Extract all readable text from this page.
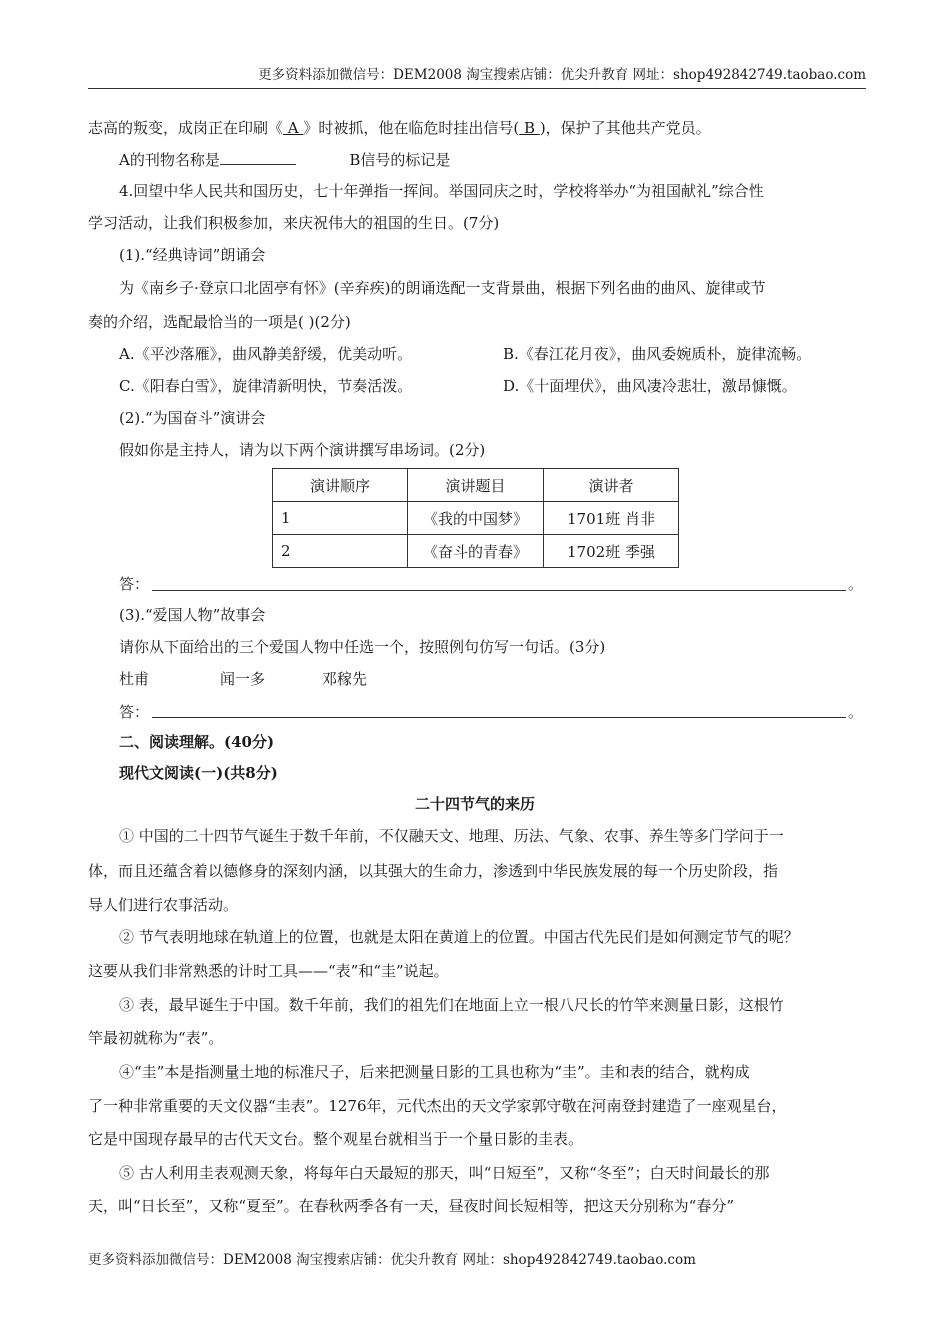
更多资料添加微信号：DEM2008 淘宝搜索店铺：优尖升教育 网址：shop492842749.taobao.com
志高的叛变，成岗正在印刷《 A 》时被抓，他在临危时挂出信号( B )，保护了其他共产党员。
A的刊物名称是	B信号的标记是
4.回望中华人民共和国历史，七十年弹指一挥间。举国同庆之时，学校将举办“为祖国献礼”综合性
学习活动，让我们积极参加，来庆祝伟大的祖国的生日。(7分)
(1).“经典诗词”朗诵会
为《南乡子·登京口北固亭有怀》(辛弃疾)的朗诵选配一支背景曲，根据下列名曲的曲风、旋律或节
奏的介绍，选配最恰当的一项是( )(2分)
A.《平沙落雁》，曲风静美舒缓，优美动听。	B.《春江花月夜》，曲风委婉质朴，旋律流畅。
C.《阳春白雪》，旋律清新明快，节奏活泼。	D.《十面埋伏》，曲风凄冷悲壮，激昂慷慨。
(2).“为国奋斗”演讲会
假如你是主持人，请为以下两个演讲撰写串场词。(2分)
演讲顺序	演讲题目	演讲者
1	《我的中国梦》	1701班 肖非
2	《奋斗的青春》	1702班 季强
答：	。
(3).“爱国人物”故事会
请你从下面给出的三个爱国人物中任选一个，按照例句仿写一句话。(3分)
杜甫	闻一多	邓稼先
答：	。
二、阅读理解。(40分)
现代文阅读(一)(共8分)
二十四节气的来历
① 中国的二十四节气诞生于数千年前，不仅融天文、地理、历法、气象、农事、养生等多门学问于一
体，而且还蕴含着以德修身的深刻内涵，以其强大的生命力，渗透到中华民族发展的每一个历史阶段，指
导人们进行农事活动。
② 节气表明地球在轨道上的位置，也就是太阳在黄道上的位置。中国古代先民们是如何测定节气的呢？
这要从我们非常熟悉的计时工具——“表”和“圭”说起。
③ 表，最早诞生于中国。数千年前，我们的祖先们在地面上立一根八尺长的竹竿来测量日影，这根竹
竿最初就称为“表”。
④“圭”本是指测量土地的标准尺子，后来把测量日影的工具也称为“圭”。圭和表的结合，就构成
了一种非常重要的天文仪器“圭表”。1276年，元代杰出的天文学家郭守敬在河南登封建造了一座观星台，
它是中国现存最早的古代天文台。整个观星台就相当于一个量日影的圭表。
⑤ 古人利用圭表观测天象，将每年白天最短的那天，叫“日短至”，又称“冬至”；白天时间最长的那
天，叫“日长至”，又称“夏至”。在春秋两季各有一天，昼夜时间长短相等，把这天分别称为“春分”
更多资料添加微信号：DEM2008 淘宝搜索店铺：优尖升教育 网址：shop492842749.taobao.com
